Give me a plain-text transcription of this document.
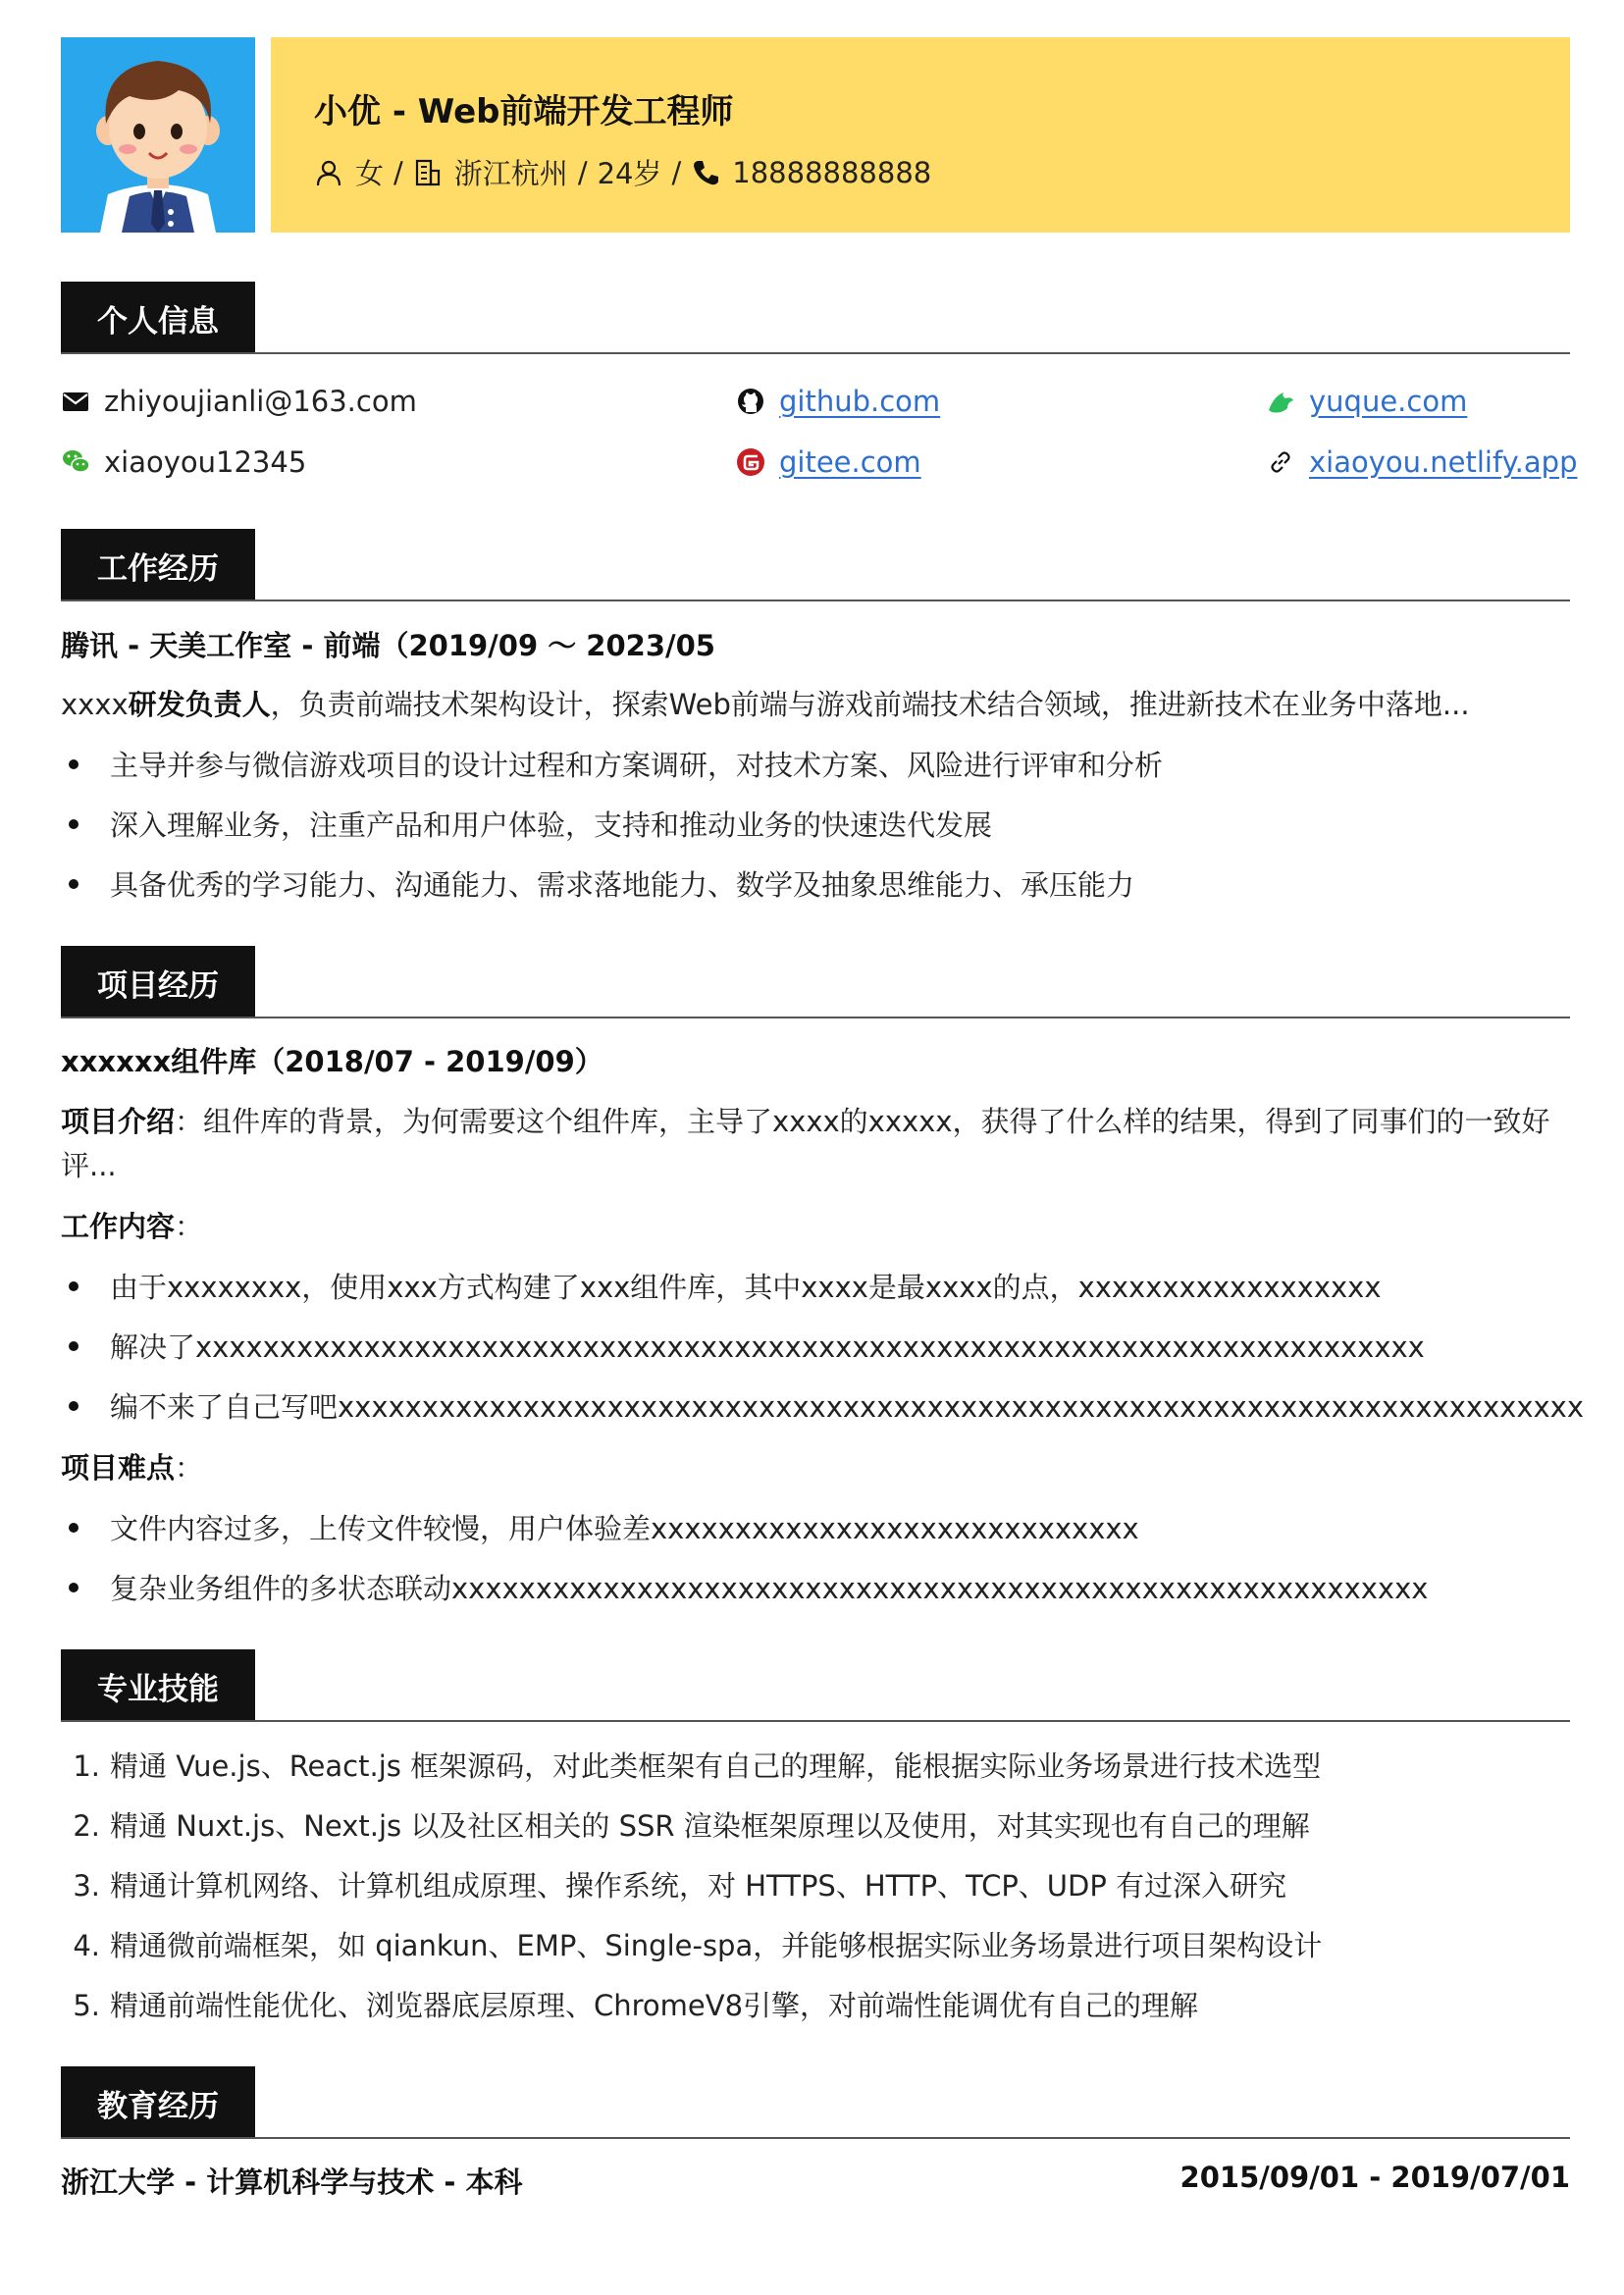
小优 - Web前端开发工程师
女 / 浙江杭州 / 24岁 / 18888888888
个人信息
zhiyoujianli@163.com
xiaoyou12345
github.com
gitee.com
yuque.com
xiaoyou.netlify.app
工作经历
腾讯 - 天美工作室 - 前端（2019/09 ～ 2023/05
xxxx研发负责人，负责前端技术架构设计，探索Web前端与游戏前端技术结合领域，推进新技术在业务中落地...
主导并参与微信游戏项目的设计过程和方案调研，对技术方案、风险进行评审和分析
深入理解业务，注重产品和用户体验，支持和推动业务的快速迭代发展
具备优秀的学习能力、沟通能力、需求落地能力、数学及抽象思维能力、承压能力
项目经历
xxxxxx组件库（2018/07 - 2019/09）
项目介绍：组件库的背景，为何需要这个组件库，主导了xxxx的xxxxx，获得了什么样的结果，得到了同事们的一致好
评...
工作内容：
由于xxxxxxxx，使用xxx方式构建了xxx组件库，其中xxxx是最xxxx的点，xxxxxxxxxxxxxxxxxx
解决了xxxxxxxxxxxxxxxxxxxxxxxxxxxxxxxxxxxxxxxxxxxxxxxxxxxxxxxxxxxxxxxxxxxxxxxxx
编不来了自己写吧xxxxxxxxxxxxxxxxxxxxxxxxxxxxxxxxxxxxxxxxxxxxxxxxxxxxxxxxxxxxxxxxxxxxxxxxxx
项目难点：
文件内容过多，上传文件较慢，用户体验差xxxxxxxxxxxxxxxxxxxxxxxxxxxxx
复杂业务组件的多状态联动xxxxxxxxxxxxxxxxxxxxxxxxxxxxxxxxxxxxxxxxxxxxxxxxxxxxxxxxxx
专业技能
1. 精通 Vue.js、React.js 框架源码，对此类框架有自己的理解，能根据实际业务场景进行技术选型
2. 精通 Nuxt.js、Next.js 以及社区相关的 SSR 渲染框架原理以及使用，对其实现也有自己的理解
3. 精通计算机网络、计算机组成原理、操作系统，对 HTTPS、HTTP、TCP、UDP 有过深入研究
4. 精通微前端框架，如 qiankun、EMP、Single-spa，并能够根据实际业务场景进行项目架构设计
5. 精通前端性能优化、浏览器底层原理、ChromeV8引擎，对前端性能调优有自己的理解
教育经历
浙江大学 - 计算机科学与技术 - 本科	2015/09/01 - 2019/07/01
